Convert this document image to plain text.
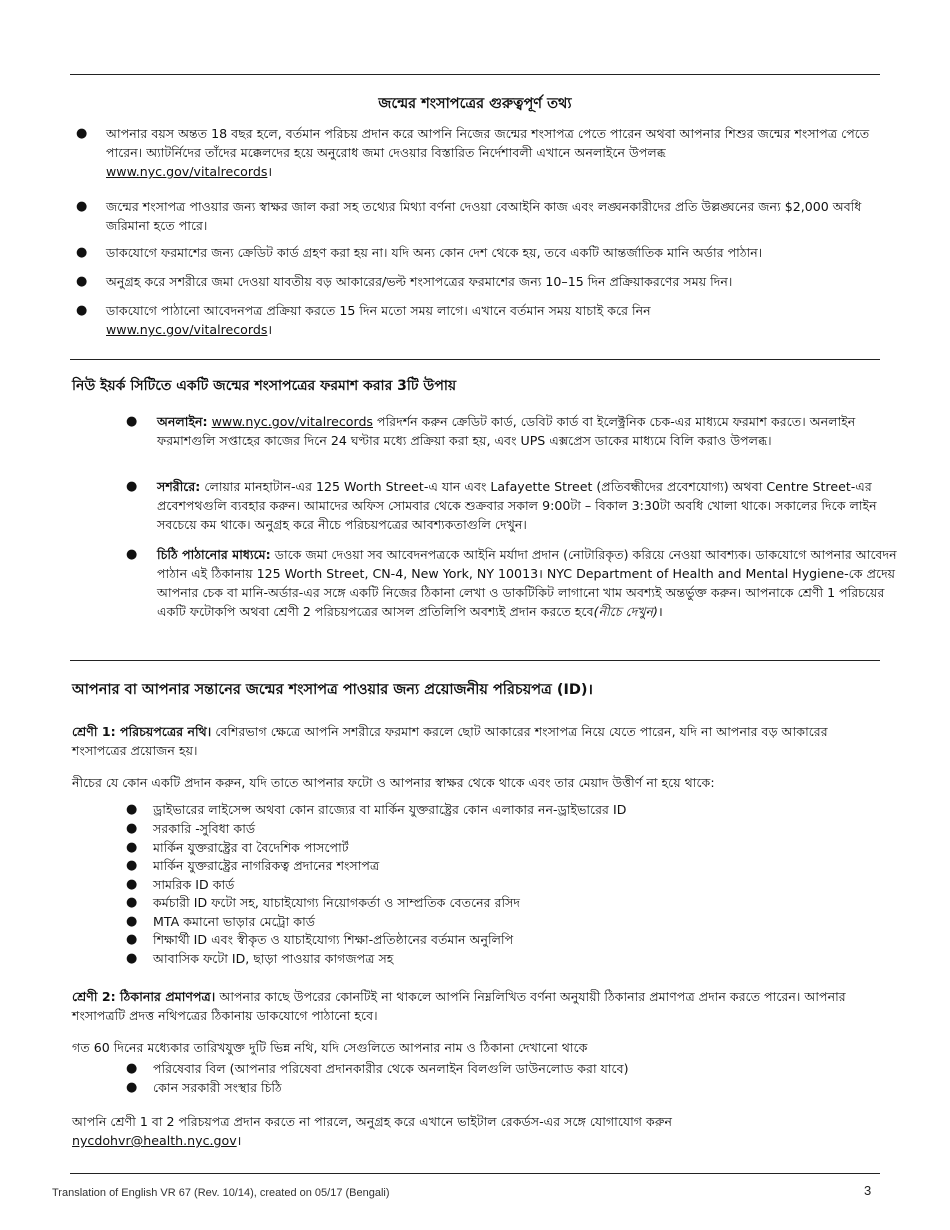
জন্মের শংসাপত্রের গুরুত্বপূর্ণ তথ্য
● আপনার বয়স অন্তত 18 বছর হলে, বর্তমান পরিচয় প্রদান করে আপনি নিজের জন্মের শংসাপত্র পেতে পারেন অথবা আপনার শিশুর জন্মের শংসাপত্র পেতে পারেন। অ্যাটর্নিদের তাঁদের মক্কেলদের হয়ে অনুরোধ জমা দেওয়ার বিস্তারিত নির্দেশাবলী এখানে অনলাইনে উপলব্ধ
www.nyc.gov/vitalrecords।
● জন্মের শংসাপত্র পাওয়ার জন্য স্বাক্ষর জাল করা সহ তথ্যের মিথ্যা বর্ণনা দেওয়া বেআইনি কাজ এবং লঙ্ঘনকারীদের প্রতি উল্লঙ্ঘনের জন্য $2,000 অবধি জরিমানা হতে পারে।
● ডাকযোগে ফরমাশের জন্য ক্রেডিট কার্ড গ্রহণ করা হয় না। যদি অন্য কোন দেশ থেকে হয়, তবে একটি আন্তর্জাতিক মানি অর্ডার পাঠান।
● অনুগ্রহ করে সশরীরে জমা দেওয়া যাবতীয় বড় আকারের/ভল্ট শংসাপত্রের ফরমাশের জন্য 10–15 দিন প্রক্রিয়াকরণের সময় দিন।
● ডাকযোগে পাঠানো আবেদনপত্র প্রক্রিয়া করতে 15 দিন মতো সময় লাগে। এখানে বর্তমান সময় যাচাই করে নিন
www.nyc.gov/vitalrecords।
নিউ ইয়র্ক সিটিতে একটি জন্মের শংসাপত্রের ফরমাশ করার 3টি উপায়
● অনলাইন: www.nyc.gov/vitalrecords পরিদর্শন করুন ক্রেডিট কার্ড, ডেবিট কার্ড বা ইলেক্ট্রনিক চেক-এর মাধ্যমে ফরমাশ করতে। অনলাইন ফরমাশগুলি সপ্তাহের কাজের দিনে 24 ঘণ্টার মধ্যে প্রক্রিয়া করা হয়, এবং UPS এক্সপ্রেস ডাকের মাধ্যমে বিলি করাও উপলব্ধ।
● সশরীরে: লোয়ার মানহাটান-এর 125 Worth Street-এ যান এবং Lafayette Street (প্রতিবন্ধীদের প্রবেশযোগ্য) অথবা Centre Street-এর প্রবেশপথগুলি ব্যবহার করুন। আমাদের অফিস সোমবার থেকে শুক্রবার সকাল 9:00টা – বিকাল 3:30টা অবধি খোলা থাকে। সকালের দিকে লাইন সবচেয়ে কম থাকে। অনুগ্রহ করে নীচে পরিচয়পত্রের আবশ্যকতাগুলি দেখুন।
● চিঠি পাঠানোর মাধ্যমে: ডাকে জমা দেওয়া সব আবেদনপত্রকে আইনি মর্যাদা প্রদান (নোটারিকৃত) করিয়ে নেওয়া আবশ্যক। ডাকযোগে আপনার আবেদন পাঠান এই ঠিকানায় 125 Worth Street, CN-4, New York, NY 10013। NYC Department of Health and Mental Hygiene-কে প্রদেয় আপনার চেক বা মানি-অর্ডার-এর সঙ্গে একটি নিজের ঠিকানা লেখা ও ডাকটিকিট লাগানো খাম অবশ্যই অন্তর্ভুক্ত করুন। আপনাকে শ্রেণী 1 পরিচয়ের একটি ফটোকপি অথবা শ্রেণী 2 পরিচয়পত্রের আসল প্রতিলিপি অবশ্যই প্রদান করতে হবে(নীচে দেখুন)।
আপনার বা আপনার সন্তানের জন্মের শংসাপত্র পাওয়ার জন্য প্রয়োজনীয় পরিচয়পত্র (ID)।
শ্রেণী 1: পরিচয়পত্রের নথি। বেশিরভাগ ক্ষেত্রে আপনি সশরীরে ফরমাশ করলে ছোট আকারের শংসাপত্র নিয়ে যেতে পারেন, যদি না আপনার বড় আকারের শংসাপত্রের প্রয়োজন হয়।
নীচের যে কোন একটি প্রদান করুন, যদি তাতে আপনার ফটো ও আপনার স্বাক্ষর থেকে থাকে এবং তার মেয়াদ উত্তীর্ণ না হয়ে থাকে:
● ড্রাইভারের লাইসেন্স অথবা কোন রাজ্যের বা মার্কিন যুক্তরাষ্ট্রের কোন এলাকার নন-ড্রাইভারের ID
● সরকারি -সুবিধা কার্ড
● মার্কিন যুক্তরাষ্ট্রের বা বৈদেশিক পাসপোর্ট
● মার্কিন যুক্তরাষ্ট্রের নাগরিকত্ব প্রদানের শংসাপত্র
● সামরিক ID কার্ড
● কর্মচারী ID ফটো সহ, যাচাইযোগ্য নিয়োগকর্তা ও সাম্প্রতিক বেতনের রসিদ
● MTA কমানো ভাড়ার মেট্রো কার্ড
● শিক্ষার্থী ID এবং স্বীকৃত ও যাচাইযোগ্য শিক্ষা-প্রতিষ্ঠানের বর্তমান অনুলিপি
● আবাসিক ফটো ID, ছাড়া পাওয়ার কাগজপত্র সহ
শ্রেণী 2: ঠিকানার প্রমাণপত্র। আপনার কাছে উপরের কোনটিই না থাকলে আপনি নিম্নলিখিত বর্ণনা অনুযায়ী ঠিকানার প্রমাণপত্র প্রদান করতে পারেন। আপনার শংসাপত্রটি প্রদত্ত নথিপত্রের ঠিকানায় ডাকযোগে পাঠানো হবে।
গত 60 দিনের মধ্যেকার তারিখযুক্ত দুটি ভিন্ন নথি, যদি সেগুলিতে আপনার নাম ও ঠিকানা দেখানো থাকে
● পরিষেবার বিল (আপনার পরিষেবা প্রদানকারীর থেকে অনলাইন বিলগুলি ডাউনলোড করা যাবে)
● কোন সরকারী সংস্থার চিঠি
আপনি শ্রেণী 1 বা 2 পরিচয়পত্র প্রদান করতে না পারলে, অনুগ্রহ করে এখানে ভাইটাল রেকর্ডস-এর সঙ্গে যোগাযোগ করুন
nycdohvr@health.nyc.gov।
Translation of English VR 67 (Rev. 10/14), created on 05/17 (Bengali)	3
